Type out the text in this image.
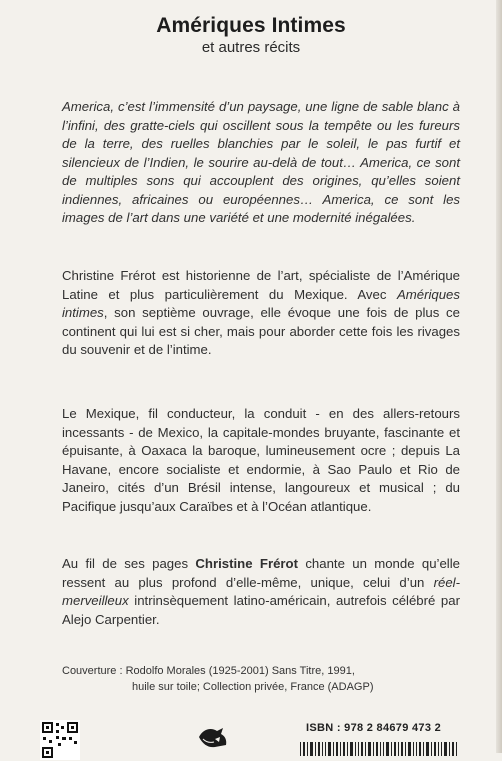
Amériques Intimes
et autres récits

America, c’est l’immensité d’un paysage, une ligne de sable blanc à l’infini, des gratte-ciels qui oscillent sous la tempête ou les fureurs de la terre, des ruelles blanchies par le soleil, le pas furtif et silencieux de l’Indien, le sourire au-delà de tout… America, ce sont de multiples sons qui accouplent des origines, qu’elles soient indiennes, africaines ou européennes… America, ce sont les images de l’art dans une variété et une modernité inégalées.

Christine Frérot est historienne de l’art, spécialiste de l’Amérique Latine et plus particulièrement du Mexique. Avec Amériques intimes, son septième ouvrage, elle évoque une fois de plus ce continent qui lui est si cher, mais pour aborder cette fois les rivages du souvenir et de l’intime.

Le Mexique, fil conducteur, la conduit - en des allers-retours incessants - de Mexico, la capitale-mondes bruyante, fascinante et épuisante, à Oaxaca la baroque, lumineusement ocre ; depuis La Havane, encore socialiste et endormie, à Sao Paulo et Rio de Janeiro, cités d’un Brésil intense, langoureux et musical ; du Pacifique jusqu’aux Caraïbes et à l’Océan atlantique.

Au fil de ses pages Christine Frérot chante un monde qu’elle ressent au plus profond d’elle-même, unique, celui d’un réel-merveilleux intrinsèquement latino-américain, autrefois célébré par Alejo Carpentier.

Couverture : Rodolfo Morales (1925-2001) Sans Titre, 1991,
huile sur toile; Collection privée, France (ADAGP)
ISBN : 978 2 84679 473 2
